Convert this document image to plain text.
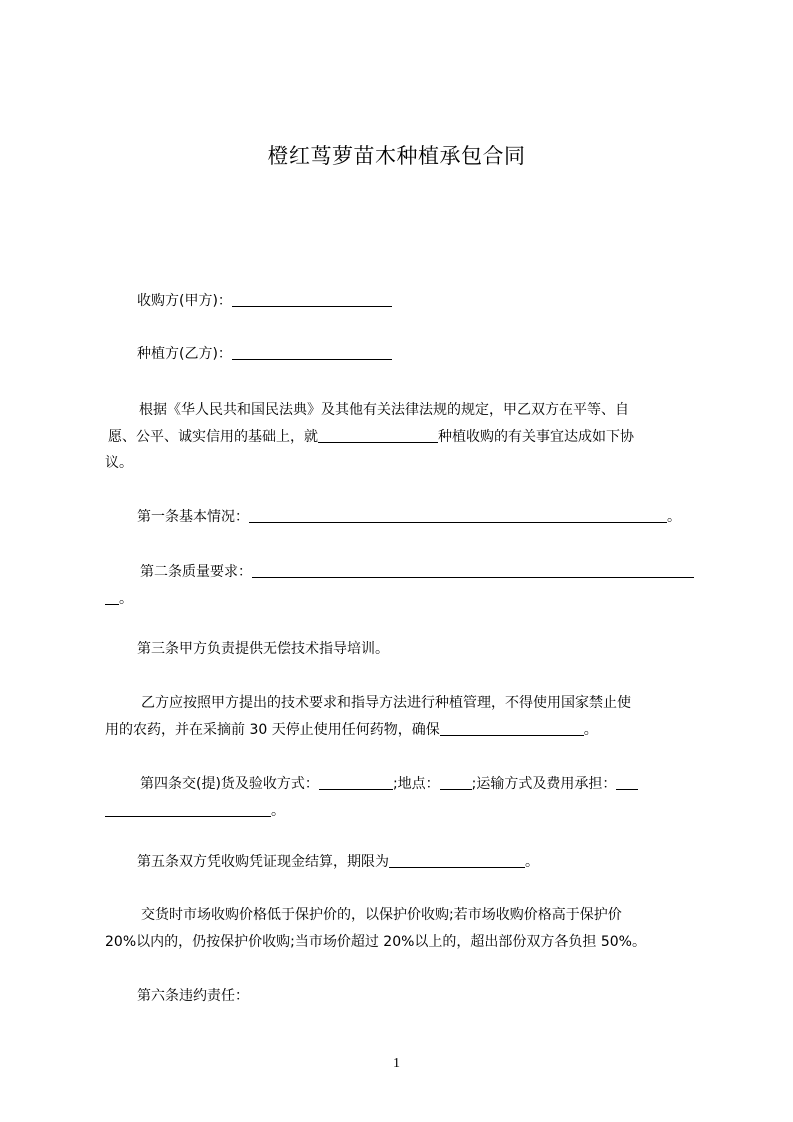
橙红茑萝苗木种植承包合同
收购方(甲方)：
种植方(乙方)：
根据《华人民共和国民法典》及其他有关法律法规的规定，甲乙双方在平等、自
愿、公平、诚实信用的基础上，就	种植收购的有关事宜达成如下协
议。
第一条基本情况：	。
第二条质量要求：
。
第三条甲方负责提供无偿技术指导培训。
乙方应按照甲方提出的技术要求和指导方法进行种植管理，不得使用国家禁止使
用的农药，并在采摘前 30 天停止使用任何药物，确保	。
第四条交(提)货及验收方式：	;地点： ;运输方式及费用承担：
。
第五条双方凭收购凭证现金结算，期限为	。
交货时市场收购价格低于保护价的，以保护价收购;若市场收购价格高于保护价
20%以内的，仍按保护价收购;当市场价超过 20%以上的，超出部份双方各负担 50%。
第六条违约责任：
1
